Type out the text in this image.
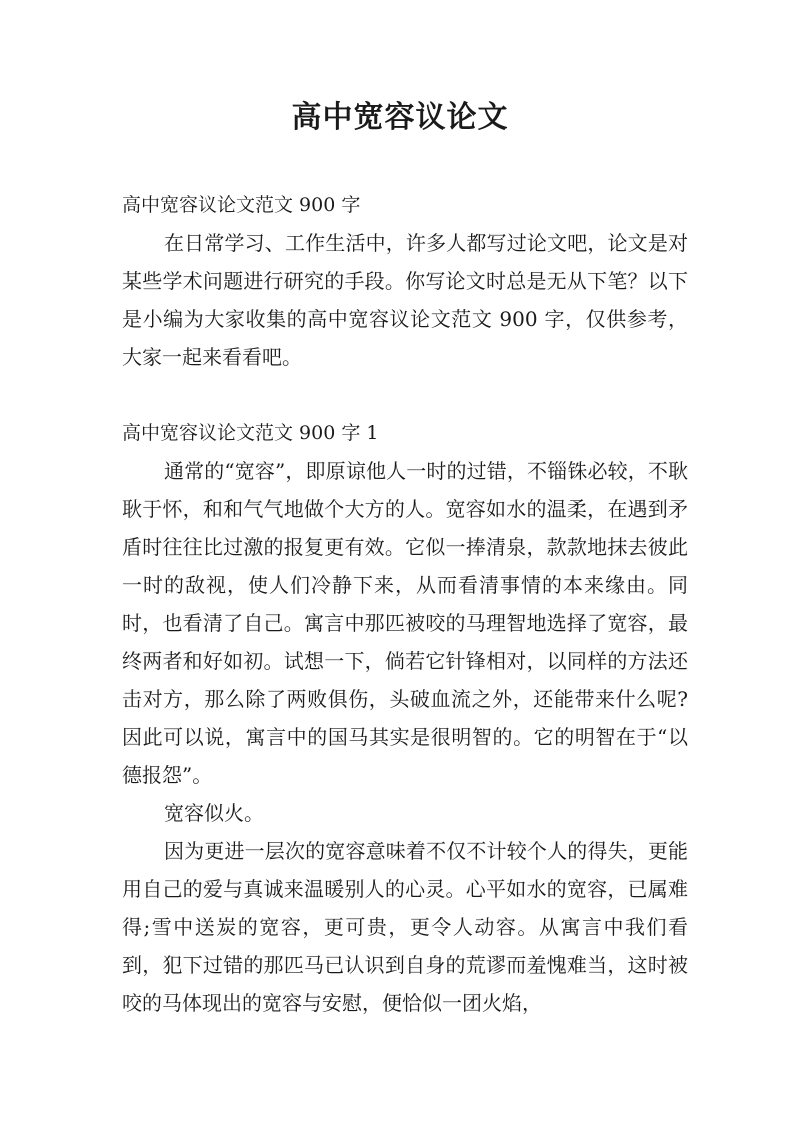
高中宽容议论文
高中宽容议论文范文 900 字

在日常学习、工作生活中，许多人都写过论文吧，论文是对某些学术问题进行研究的手段。你写论文时总是无从下笔？以下是小编为大家收集的高中宽容议论文范文 900 字，仅供参考，大家一起来看看吧。

高中宽容议论文范文 900 字 1

通常的“宽容”，即原谅他人一时的过错，不锱铢必较，不耿耿于怀，和和气气地做个大方的人。宽容如水的温柔，在遇到矛盾时往往比过激的报复更有效。它似一捧清泉，款款地抹去彼此一时的敌视，使人们冷静下来，从而看清事情的本来缘由。同时，也看清了自己。寓言中那匹被咬的马理智地选择了宽容，最终两者和好如初。试想一下，倘若它针锋相对，以同样的方法还击对方，那么除了两败俱伤，头破血流之外，还能带来什么呢?因此可以说，寓言中的国马其实是很明智的。它的明智在于“以德报怨”。

宽容似火。

因为更进一层次的宽容意味着不仅不计较个人的得失，更能用自己的爱与真诚来温暖别人的心灵。心平如水的宽容，已属难得;雪中送炭的宽容，更可贵，更令人动容。从寓言中我们看到，犯下过错的那匹马已认识到自身的荒谬而羞愧难当，这时被咬的马体现出的宽容与安慰，便恰似一团火焰，
